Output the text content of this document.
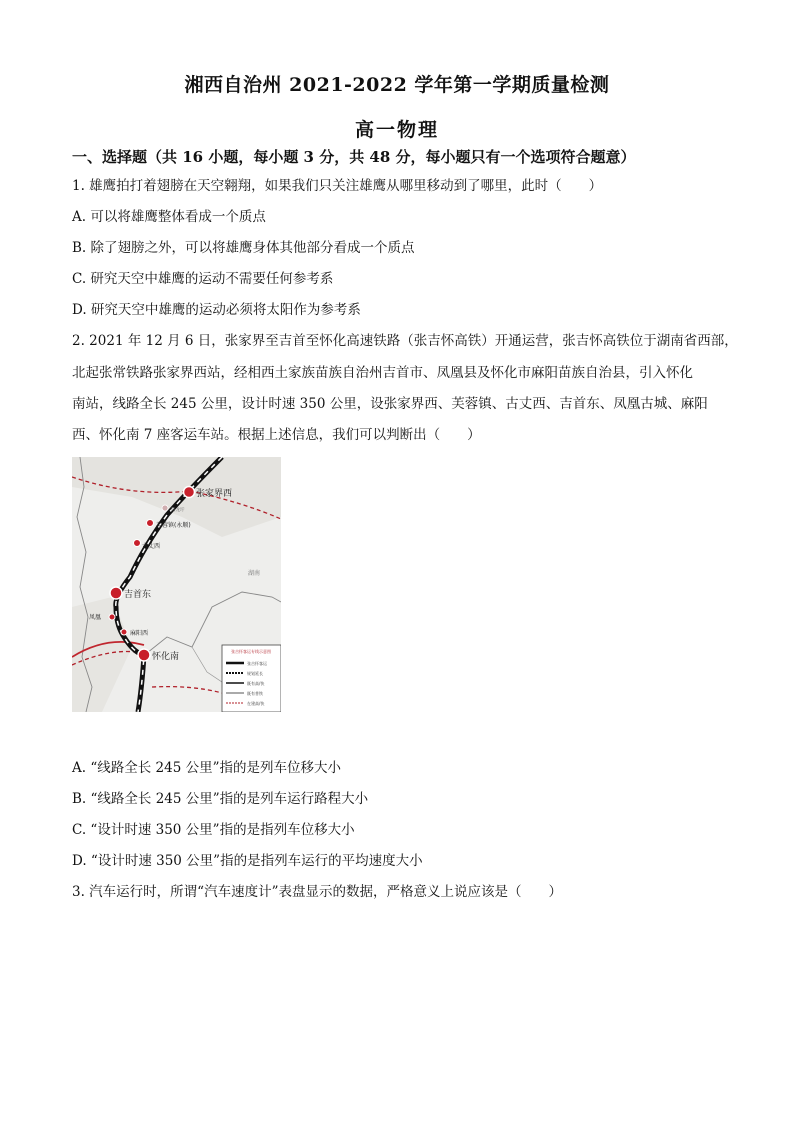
湘西自治州 2021-2022 学年第一学期质量检测
高一物理
一、选择题（共 16 小题，每小题 3 分，共 48 分，每小题只有一个选项符合题意）
1. 雄鹰拍打着翅膀在天空翱翔，如果我们只关注雄鹰从哪里移动到了哪里，此时（　　）
A. 可以将雄鹰整体看成一个质点
B. 除了翅膀之外，可以将雄鹰身体其他部分看成一个质点
C. 研究天空中雄鹰的运动不需要任何参考系
D. 研究天空中雄鹰的运动必须将太阳作为参考系
2. 2021 年 12 月 6 日，张家界至吉首至怀化高速铁路（张吉怀高铁）开通运营，张吉怀高铁位于湖南省西部，
北起张常铁路张家界西站，经相西土家族苗族自治州吉首市、凤凰县及怀化市麻阳苗族自治县，引入怀化
南站，线路全长 245 公里，设计时速 350 公里，设张家界西、芙蓉镇、古丈西、吉首东、凤凰古城、麻阳
西、怀化南 7 座客运车站。根据上述信息，我们可以判断出（　　）
张家界西
回龙圩
芙蓉镇(永顺)
古丈西
吉首东
凤凰
麻阳西
怀化南
湖南
张吉怀客运专线示意图
张吉怀客运
规划延长
既有高/快
既有普铁
在建高/快
A. “线路全长 245 公里”指的是列车位移大小
B. “线路全长 245 公里”指的是列车运行路程大小
C. “设计时速 350 公里”指的是指列车位移大小
D. “设计时速 350 公里”指的是指列车运行的平均速度大小
3. 汽车运行时，所谓“汽车速度计”表盘显示的数据，严格意义上说应该是（　　）
